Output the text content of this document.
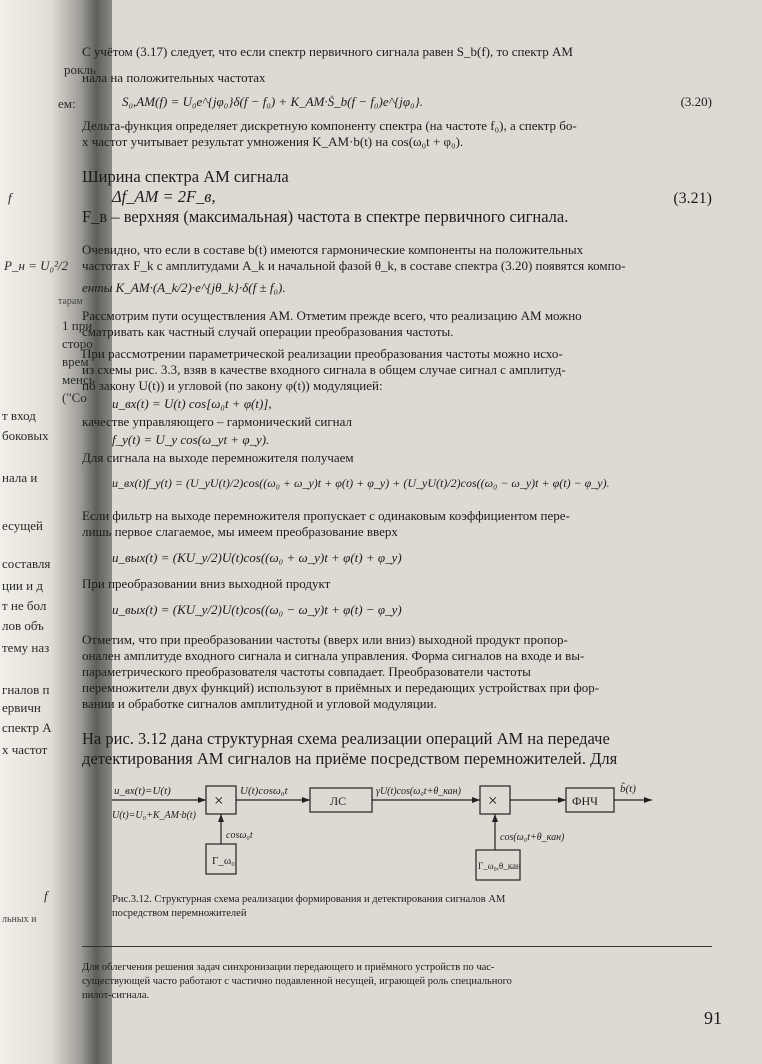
рокль
ем:
f
P_н = U₀²/2
тарам
1 при
сторо
врем
менсь
("Со
т вход
боковых
нала и
есущей
составля
ции и д
т не бол
лов объ
тему наз
гналов п
ервичн
спектр A
х частот
f
льных и
С учётом (3.17) следует, что если спектр первичного сигнала равен S_b(f), то спектр АМ
нала на положительных частотах
S₀,AM(f) = U₀e^{jφ₀}δ(f − f₀) + K_AM·Ṡ_b(f − f₀)e^{jφ₀}.	(3.20)
Дельта-функция определяет дискретную компоненту спектра (на частоте f₀), а спектр бо-
х частот учитывает результат умножения K_AM·b(t) на cos(ω₀t + φ₀).
Ширина спектра АМ сигнала
Δf_AM = 2F_в,	(3.21)
F_в – верхняя (максимальная) частота в спектре первичного сигнала.
Очевидно, что если в составе b(t) имеются гармонические компоненты на положительных
частотах F_k с амплитудами A_k и начальной фазой θ_k, в составе спектра (3.20) появятся компо-
енты K_AM·(A_k/2)·e^{jθ_k}·δ(f ± f₀).
Рассмотрим пути осуществления АМ. Отметим прежде всего, что реализацию АМ можно
сматривать как частный случай операции преобразования частоты.
При рассмотрении параметрической реализации преобразования частоты можно исхо-
из схемы рис. 3.3, взяв в качестве входного сигнала в общем случае сигнал с амплитуд-
по закону U(t)) и угловой (по закону φ(t)) модуляцией:
u_вх(t) = U(t) cos[ω₀t + φ(t)],
качестве управляющего – гармонический сигнал
f_у(t) = U_у cos(ω_уt + φ_у).
Для сигнала на выходе перемножителя получаем
u_вх(t)f_у(t) = (U_уU(t)/2)cos((ω₀ + ω_у)t + φ(t) + φ_у) + (U_уU(t)/2)cos((ω₀ − ω_у)t + φ(t) − φ_у).
Если фильтр на выходе перемножителя пропускает с одинаковым коэффициентом пере-
лишь первое слагаемое, мы имеем преобразование вверх
u_вых(t) = (KU_у/2)U(t)cos((ω₀ + ω_у)t + φ(t) + φ_у)
При преобразовании вниз выходной продукт
u_вых(t) = (KU_у/2)U(t)cos((ω₀ − ω_у)t + φ(t) − φ_у)
Отметим, что при преобразовании частоты (вверх или вниз) выходной продукт пропор-
онален амплитуде входного сигнала и сигнала управления. Форма сигналов на входе и вы-
параметрического преобразователя частоты совпадает. Преобразователи частоты
перемножители двух функций) используют в приёмных и передающих устройствах при фор-
вании и обработке сигналов амплитудной и угловой модуляции.
На рис. 3.12 дана структурная схема реализации операций АМ на передаче
детектирования АМ сигналов на приёме посредством перемножителей. Для
Рис.3.12. Структурная схема реализации формирования и детектирования сигналов АМ
посредством перемножителей
Для облегчения решения задач синхронизации передающего и приёмного устройств по час-
существующей часто работают с частично подавленной несущей, играющей роль специального
пилот-сигнала.
91
u_вх(t)=U(t)
U(t)=U₀+K_AM·b(t)
× U(t)cosω₀t
ЛС
γU(t)cos(ω₀t+θ_кан) ×	ФНЧ
b̂(t)
cosω₀t
Г_ω₀
cos(ω₀t+θ_кан)
Г_ω₀,θ_кан
